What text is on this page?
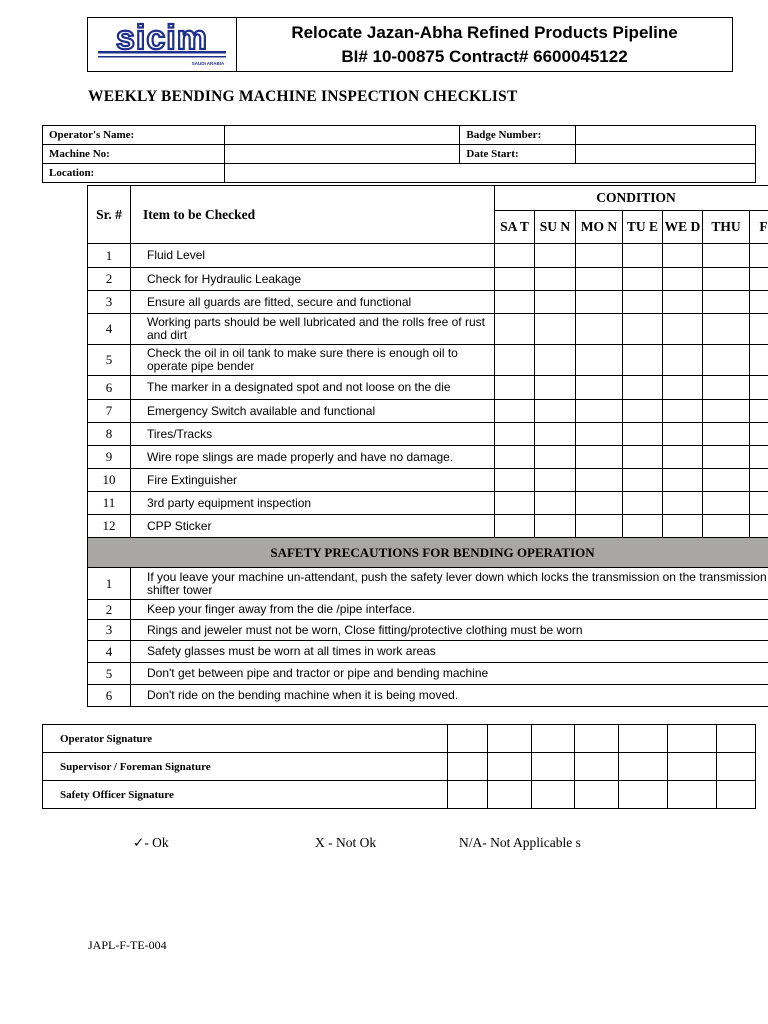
sicim
SAUDI ARABIA
Relocate Jazan-Abha Refined Products Pipeline
BI# 10-00875 Contract# 6600045122
WEEKLY BENDING MACHINE INSPECTION CHECKLIST
Operator's Name:		Badge Number:	
Machine No:		Date Start:	
Location:			
Sr. #	Item to be Checked	CONDITION						
		SA T	SU N	MO N	TU E	WE D	THU	F
1	Fluid Level							
2	Check for Hydraulic Leakage							
3	Ensure all guards are fitted, secure and functional							
4	Working parts should be well lubricated and the rolls free of rust and dirt							
5	Check the oil in oil tank to make sure there is enough oil to operate pipe bender							
6	The marker in a designated spot and not loose on the die							
7	Emergency Switch available and functional							
8	Tires/Tracks							
9	Wire rope slings are made properly and have no damage.							
10	Fire Extinguisher							
11	3rd party equipment inspection							
12	CPP Sticker							
SAFETY PRECAUTIONS FOR BENDING OPERATION								
1	If you leave your machine un-attendant, push the safety lever down which locks the transmission on the transmission shifter tower							
2	Keep your finger away from the die /pipe interface.							
3	Rings and jeweler must not be worn, Close fitting/protective clothing must be worn							
4	Safety glasses must be worn at all times in work areas							
5	Don't get between pipe and tractor or pipe and bending machine							
6	Don't ride on the bending machine when it is being moved.							
Operator Signature							
Supervisor / Foreman Signature							
Safety Officer Signature							
✓- Ok	X - Not Ok	N/A- Not Applicable s
JAPL-F-TE-004
